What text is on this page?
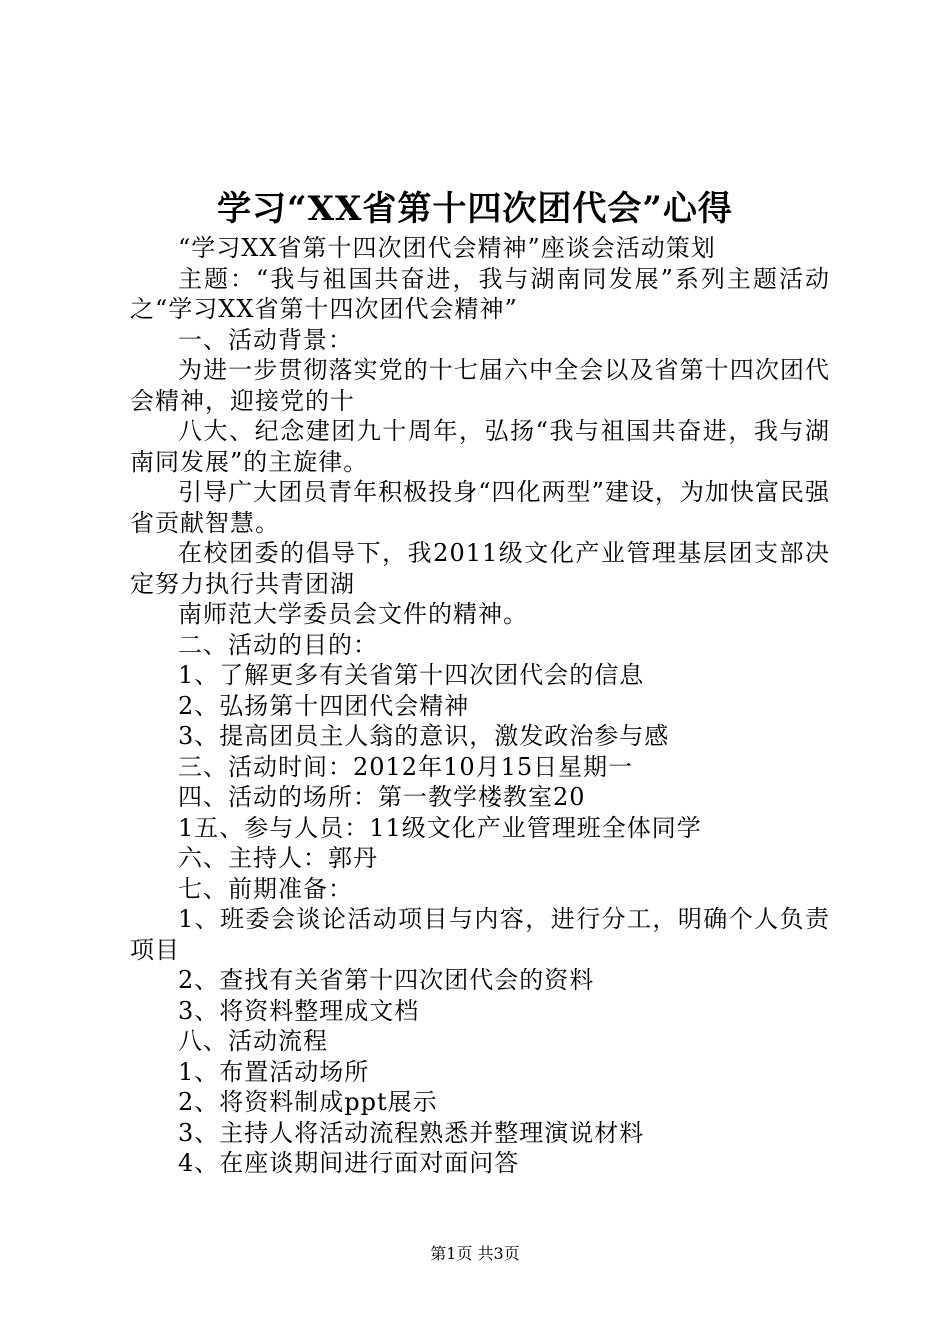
学习“XX省第十四次团代会”心得

“学习XX省第十四次团代会精神”座谈会活动策划

主题：“我与祖国共奋进，我与湖南同发展”系列主题活动之“学习XX省第十四次团代会精神”

一、活动背景：

为进一步贯彻落实党的十七届六中全会以及省第十四次团代会精神，迎接党的十

八大、纪念建团九十周年，弘扬“我与祖国共奋进，我与湖南同发展”的主旋律。

引导广大团员青年积极投身“四化两型”建设，为加快富民强省贡献智慧。

在校团委的倡导下，我2011级文化产业管理基层团支部决定努力执行共青团湖

南师范大学委员会文件的精神。

二、活动的目的：

1、了解更多有关省第十四次团代会的信息

2、弘扬第十四团代会精神

3、提高团员主人翁的意识，激发政治参与感

三、活动时间：2012年10月15日星期一

四、活动的场所：第一教学楼教室20

1五、参与人员：11级文化产业管理班全体同学

六、主持人：郭丹

七、前期准备：

1、班委会谈论活动项目与内容，进行分工，明确个人负责项目

2、查找有关省第十四次团代会的资料

3、将资料整理成文档

八、活动流程

1、布置活动场所

2、将资料制成ppt展示

3、主持人将活动流程熟悉并整理演说材料

4、在座谈期间进行面对面问答

第1页 共3页
